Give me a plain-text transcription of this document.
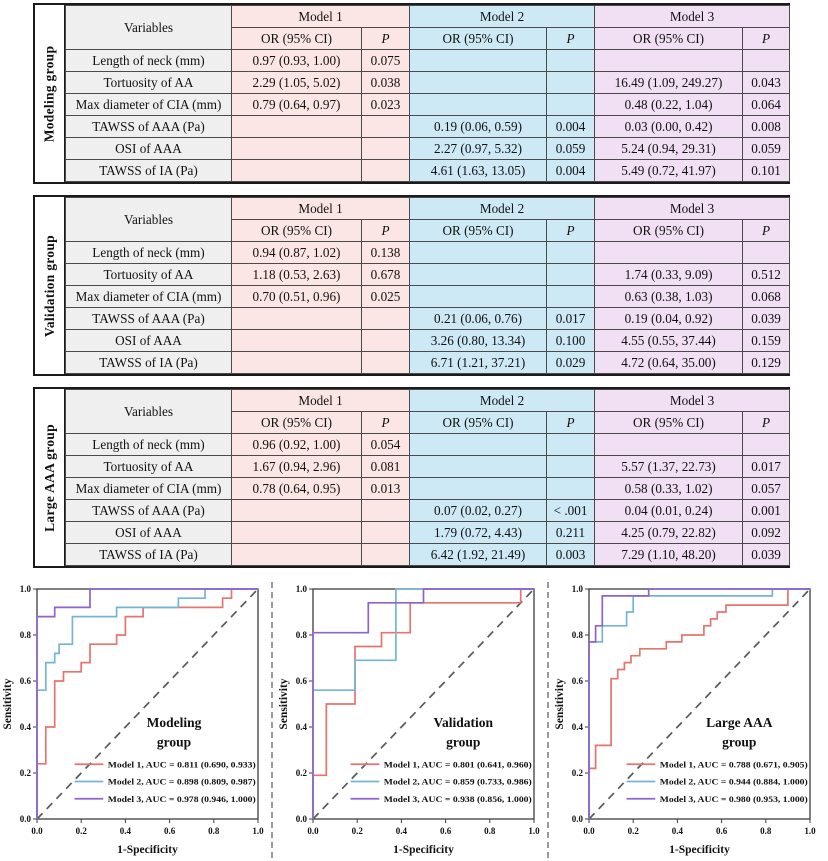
Modeling group
Variables	Model 1		Model 2		Model 3	
	OR (95% CI)	P	OR (95% CI)	P	OR (95% CI)	P
Length of neck (mm)	0.97 (0.93, 1.00)	0.075				
Tortuosity of AA	2.29 (1.05, 5.02)	0.038			16.49 (1.09, 249.27)	0.043
Max diameter of CIA (mm)	0.79 (0.64, 0.97)	0.023			0.48 (0.22, 1.04)	0.064
TAWSS of AAA (Pa)			0.19 (0.06, 0.59)	0.004	0.03 (0.00, 0.42)	0.008
OSI of AAA			2.27 (0.97, 5.32)	0.059	5.24 (0.94, 29.31)	0.059
TAWSS of IA (Pa)			4.61 (1.63, 13.05)	0.004	5.49 (0.72, 41.97)	0.101
Validation group
Variables	Model 1		Model 2		Model 3	
	OR (95% CI)	P	OR (95% CI)	P	OR (95% CI)	P
Length of neck (mm)	0.94 (0.87, 1.02)	0.138				
Tortuosity of AA	1.18 (0.53, 2.63)	0.678			1.74 (0.33, 9.09)	0.512
Max diameter of CIA (mm)	0.70 (0.51, 0.96)	0.025			0.63 (0.38, 1.03)	0.068
TAWSS of AAA (Pa)			0.21 (0.06, 0.76)	0.017	0.19 (0.04, 0.92)	0.039
OSI of AAA			3.26 (0.80, 13.34)	0.100	4.55 (0.55, 37.44)	0.159
TAWSS of IA (Pa)			6.71 (1.21, 37.21)	0.029	4.72 (0.64, 35.00)	0.129
Large AAA group
Variables	Model 1		Model 2		Model 3	
	OR (95% CI)	P	OR (95% CI)	P	OR (95% CI)	P
Length of neck (mm)	0.96 (0.92, 1.00)	0.054				
Tortuosity of AA	1.67 (0.94, 2.96)	0.081			5.57 (1.37, 22.73)	0.017
Max diameter of CIA (mm)	0.78 (0.64, 0.95)	0.013			0.58 (0.33, 1.02)	0.057
TAWSS of AAA (Pa)			0.07 (0.02, 0.27)	< .001	0.04 (0.01, 0.24)	0.001
OSI of AAA			1.79 (0.72, 4.43)	0.211	4.25 (0.79, 22.82)	0.092
TAWSS of IA (Pa)			6.42 (1.92, 21.49)	0.003	7.29 (1.10, 48.20)	0.039
0.0
0.0
0.2
0.2
0.4
0.4
0.6
0.6
0.8
0.8
1.0
1.0
Modeling
group
Model 1, AUC = 0.811 (0.690, 0.933)
Model 2, AUC = 0.898 (0.809, 0.987)
Model 3, AUC = 0.978 (0.946, 1.000)
1-Specificity
Sensitivity
0.0
0.0
0.2
0.2
0.4
0.4
0.6
0.6
0.8
0.8
1.0
1.0
Validation
group
Model 1, AUC = 0.801 (0.641, 0.960)
Model 2, AUC = 0.859 (0.733, 0.986)
Model 3, AUC = 0.938 (0.856, 1.000)
1-Specificity
Sensitivity
0.0
0.0
0.2
0.2
0.4
0.4
0.6
0.6
0.8
0.8
1.0
1.0
Large AAA
group
Model 1, AUC = 0.788 (0.671, 0.905)
Model 2, AUC = 0.944 (0.884, 1.000)
Model 3, AUC = 0.980 (0.953, 1.000)
1-Specificity
Sensitivity
